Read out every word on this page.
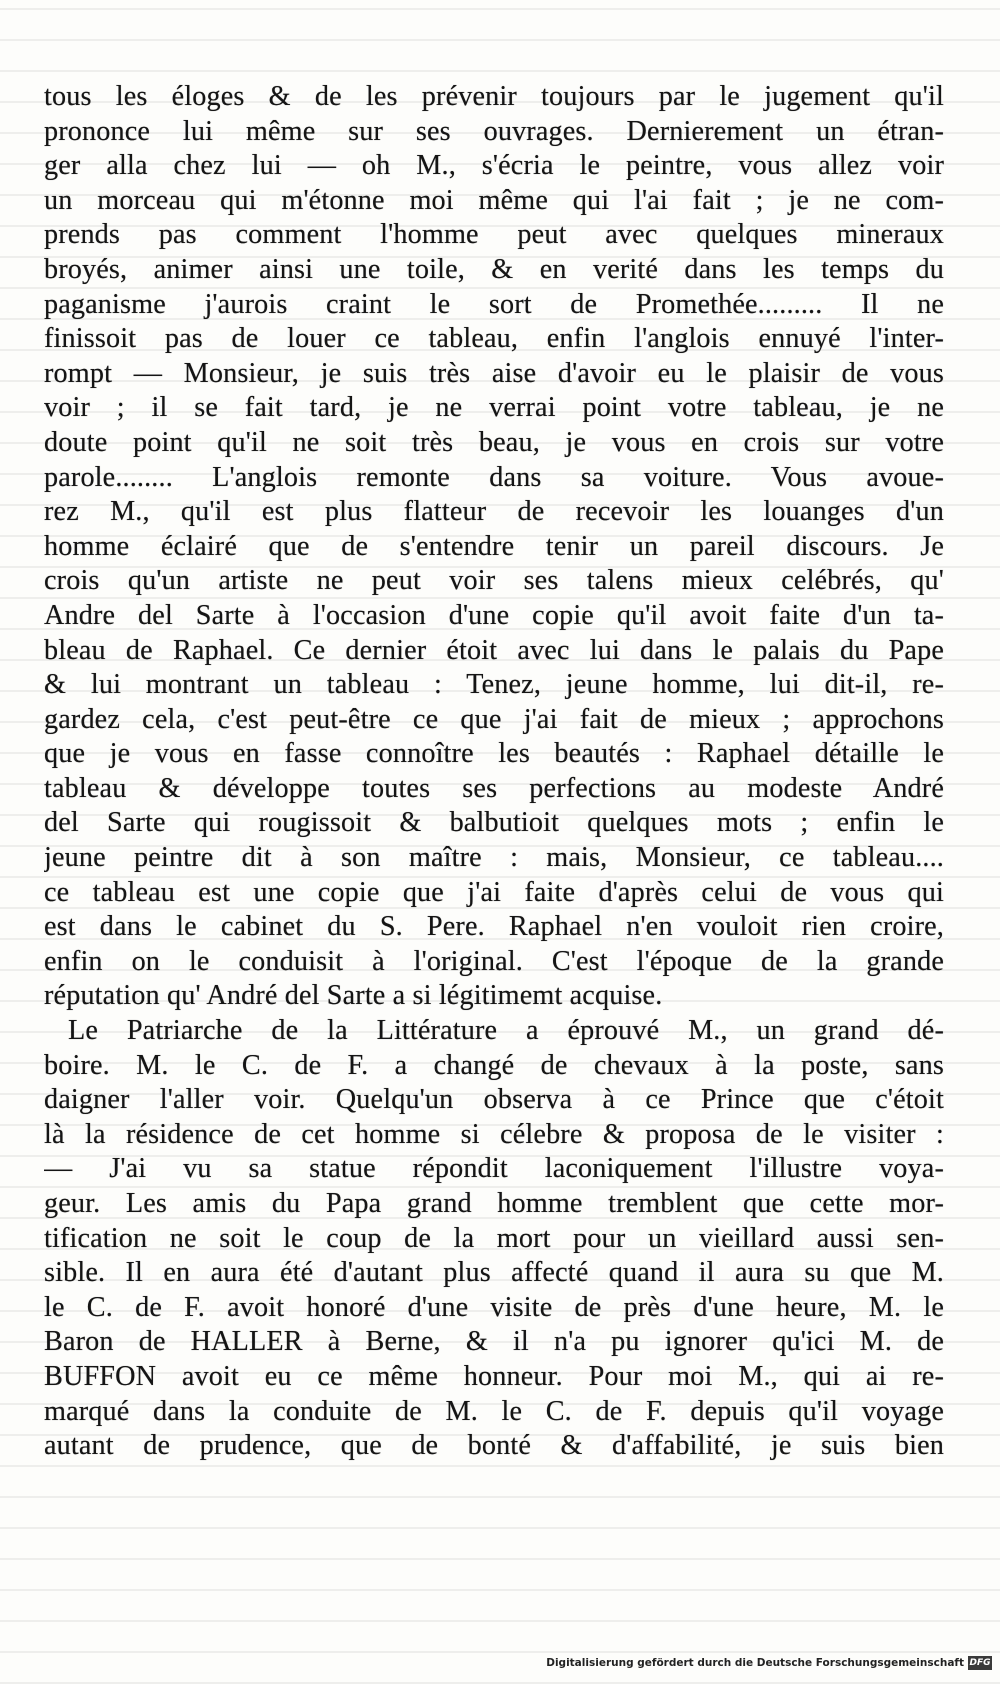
tous les éloges & de les prévenir toujours par le jugement qu'il
prononce lui même sur ses ouvrages. Dernierement un étran-
ger alla chez lui — oh M., s'écria le peintre, vous allez voir
un morceau qui m'étonne moi même qui l'ai fait ; je ne com-
prends pas comment l'homme peut avec quelques mineraux
broyés, animer ainsi une toile, & en verité dans les temps du
paganisme j'aurois craint le sort de Promethée......... Il ne
finissoit pas de louer ce tableau, enfin l'anglois ennuyé l'inter-
rompt — Monsieur, je suis très aise d'avoir eu le plaisir de vous
voir ; il se fait tard, je ne verrai point votre tableau, je ne
doute point qu'il ne soit très beau, je vous en crois sur votre
parole........ L'anglois remonte dans sa voiture. Vous avoue-
rez M., qu'il est plus flatteur de recevoir les louanges d'un
homme éclairé que de s'entendre tenir un pareil discours. Je
crois qu'un artiste ne peut voir ses talens mieux celébrés, qu'
Andre del Sarte à l'occasion d'une copie qu'il avoit faite d'un ta-
bleau de Raphael. Ce dernier étoit avec lui dans le palais du Pape
& lui montrant un tableau : Tenez, jeune homme, lui dit-il, re-
gardez cela, c'est peut-être ce que j'ai fait de mieux ; approchons
que je vous en fasse connoître les beautés : Raphael détaille le
tableau & développe toutes ses perfections au modeste André
del Sarte qui rougissoit & balbutioit quelques mots ; enfin le
jeune peintre dit à son maître : mais, Monsieur, ce tableau....
ce tableau est une copie que j'ai faite d'après celui de vous qui
est dans le cabinet du S. Pere. Raphael n'en vouloit rien croire,
enfin on le conduisit à l'original. C'est l'époque de la grande
réputation qu' André del Sarte a si légitimemt acquise.
Le Patriarche de la Littérature a éprouvé M., un grand dé-
boire. M. le C. de F. a changé de chevaux à la poste, sans
daigner l'aller voir. Quelqu'un observa à ce Prince que c'étoit
là la résidence de cet homme si célebre & proposa de le visiter :
— J'ai vu sa statue répondit laconiquement l'illustre voya-
geur. Les amis du Papa grand homme tremblent que cette mor-
tification ne soit le coup de la mort pour un vieillard aussi sen-
sible. Il en aura été d'autant plus affecté quand il aura su que M.
le C. de F. avoit honoré d'une visite de près d'une heure, M. le
Baron de HALLER à Berne, & il n'a pu ignorer qu'ici M. de
BUFFON avoit eu ce même honneur. Pour moi M., qui ai re-
marqué dans la conduite de M. le C. de F. depuis qu'il voyage
autant de prudence, que de bonté & d'affabilité, je suis bien
Digitalisierung gefördert durch die Deutsche Forschungsgemeinschaft DFG
